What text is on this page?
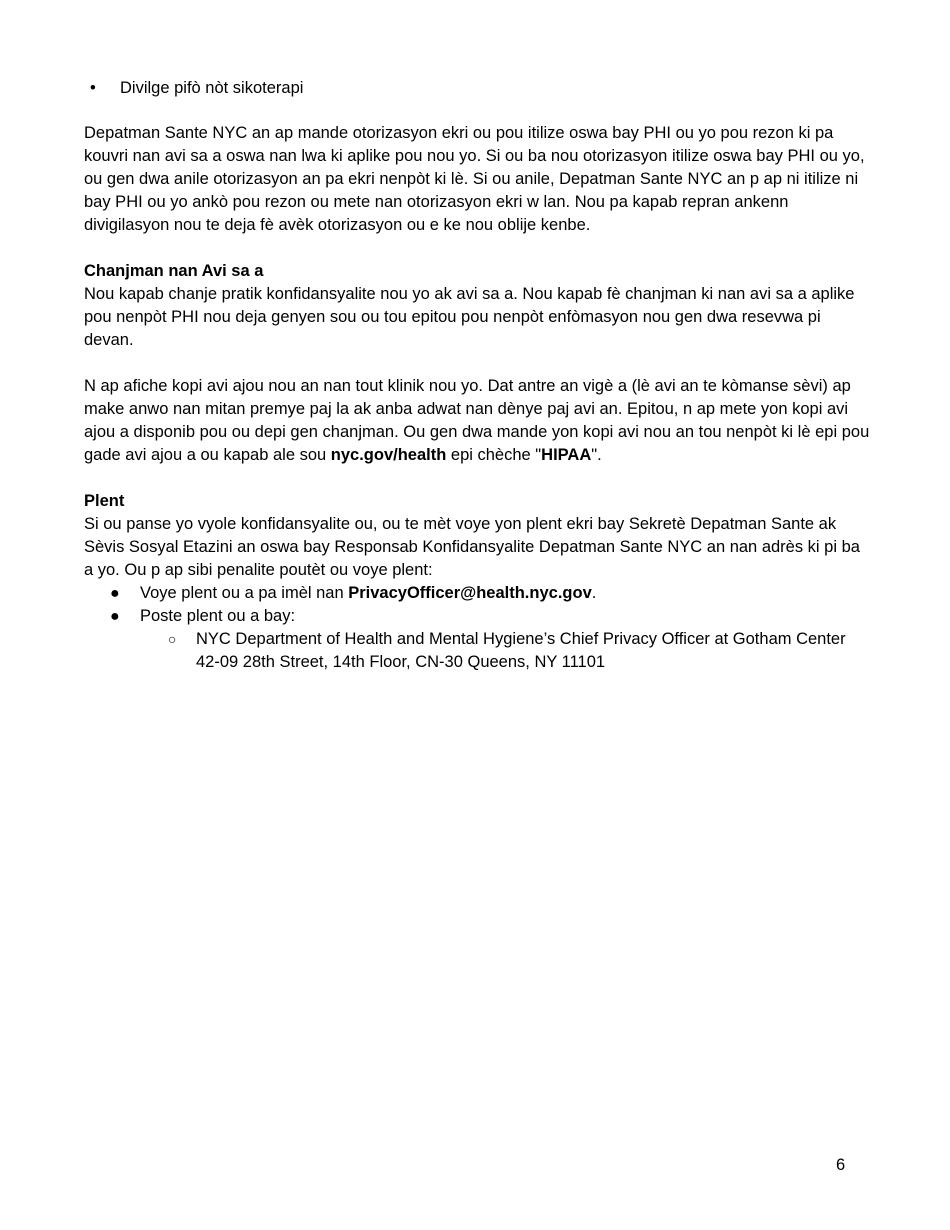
• Divilge pifò nòt sikoterapi

Depatman Sante NYC an ap mande otorizasyon ekri ou pou itilize oswa bay PHI ou yo pou rezon ki pa kouvri nan avi sa a oswa nan lwa ki aplike pou nou yo. Si ou ba nou otorizasyon itilize oswa bay PHI ou yo, ou gen dwa anile otorizasyon an pa ekri nenpòt ki lè. Si ou anile, Depatman Sante NYC an p ap ni itilize ni bay PHI ou yo ankò pou rezon ou mete nan otorizasyon ekri w lan. Nou pa kapab repran ankenn divigilasyon nou te deja fè avèk otorizasyon ou e ke nou oblije kenbe.

Chanjman nan Avi sa a

Nou kapab chanje pratik konfidansyalite nou yo ak avi sa a. Nou kapab fè chanjman ki nan avi sa a aplike pou nenpòt PHI nou deja genyen sou ou tou epitou pou nenpòt enfòmasyon nou gen dwa resevwa pi devan.

N ap afiche kopi avi ajou nou an nan tout klinik nou yo. Dat antre an vigè a (lè avi an te kòmanse sèvi) ap make anwo nan mitan premye paj la ak anba adwat nan dènye paj avi an. Epitou, n ap mete yon kopi avi ajou a disponib pou ou depi gen chanjman. Ou gen dwa mande yon kopi avi nou an tou nenpòt ki lè epi pou gade avi ajou a ou kapab ale sou nyc.gov/health epi chèche "HIPAA".

Plent

Si ou panse yo vyole konfidansyalite ou, ou te mèt voye yon plent ekri bay Sekretè Depatman Sante ak Sèvis Sosyal Etazini an oswa bay Responsab Konfidansyalite Depatman Sante NYC an nan adrès ki pi ba a yo. Ou p ap sibi penalite poutèt ou voye plent:

● Voye plent ou a pa imèl nan PrivacyOfficer@health.nyc.gov.
● Poste plent ou a bay:
○ NYC Department of Health and Mental Hygiene’s Chief Privacy Officer at Gotham Center
42-09 28th Street, 14th Floor, CN-30 Queens, NY 11101
6
